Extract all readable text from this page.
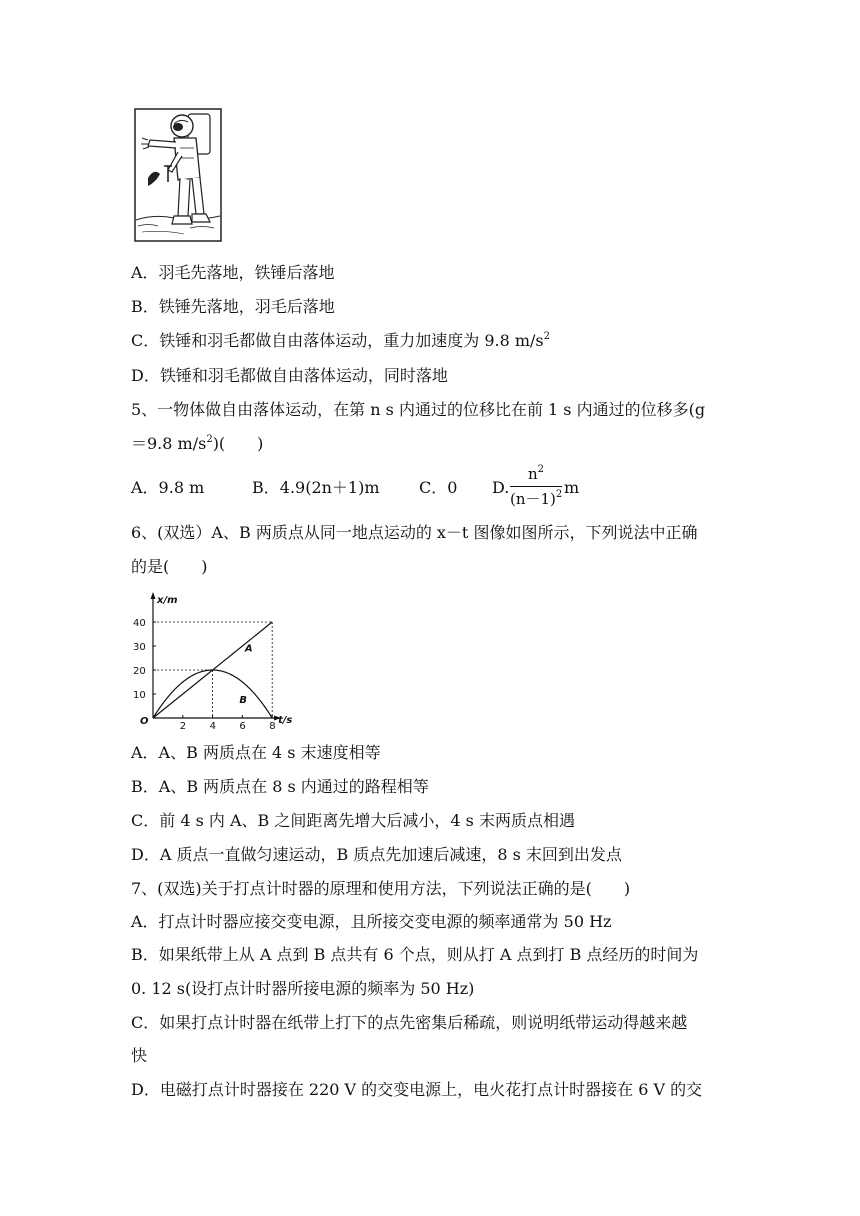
A．羽毛先落地，铁锤后落地
B．铁锤先落地，羽毛后落地
C．铁锤和羽毛都做自由落体运动，重力加速度为 9.8 $m/s^2$
D．铁锤和羽毛都做自由落体运动，同时落地
5、一物体做自由落体运动，在第 n s 内通过的位移比在前 1 s 内通过的位移多(g
＝9.8 $m/s^2$)(　　)
A．9.8 m	B．4.9(2n＋1)m C．0 D.
$n^2$
$(n-1)^2$ m
6、(双选）A、B 两质点从同一地点运动的 x－t 图像如图所示，下列说法中正确
的是(　　)
x/m
t/s
O	2 4 6 8
10
20
30
40
A
B
A．A、B 两质点在 4 s 末速度相等
B．A、B 两质点在 8 s 内通过的路程相等
C．前 4 s 内 A、B 之间距离先增大后减小，4 s 末两质点相遇
D．A 质点一直做匀速运动，B 质点先加速后减速，8 s 末回到出发点
7、(双选)关于打点计时器的原理和使用方法，下列说法正确的是(　　)
A．打点计时器应接交变电源，且所接交变电源的频率通常为 50 Hz
B．如果纸带上从 A 点到 B 点共有 6 个点，则从打 A 点到打 B 点经历的时间为
0. 12 s(设打点计时器所接电源的频率为 50 Hz)
C．如果打点计时器在纸带上打下的点先密集后稀疏，则说明纸带运动得越来越
快
D．电磁打点计时器接在 220 V 的交变电源上，电火花打点计时器接在 6 V 的交
